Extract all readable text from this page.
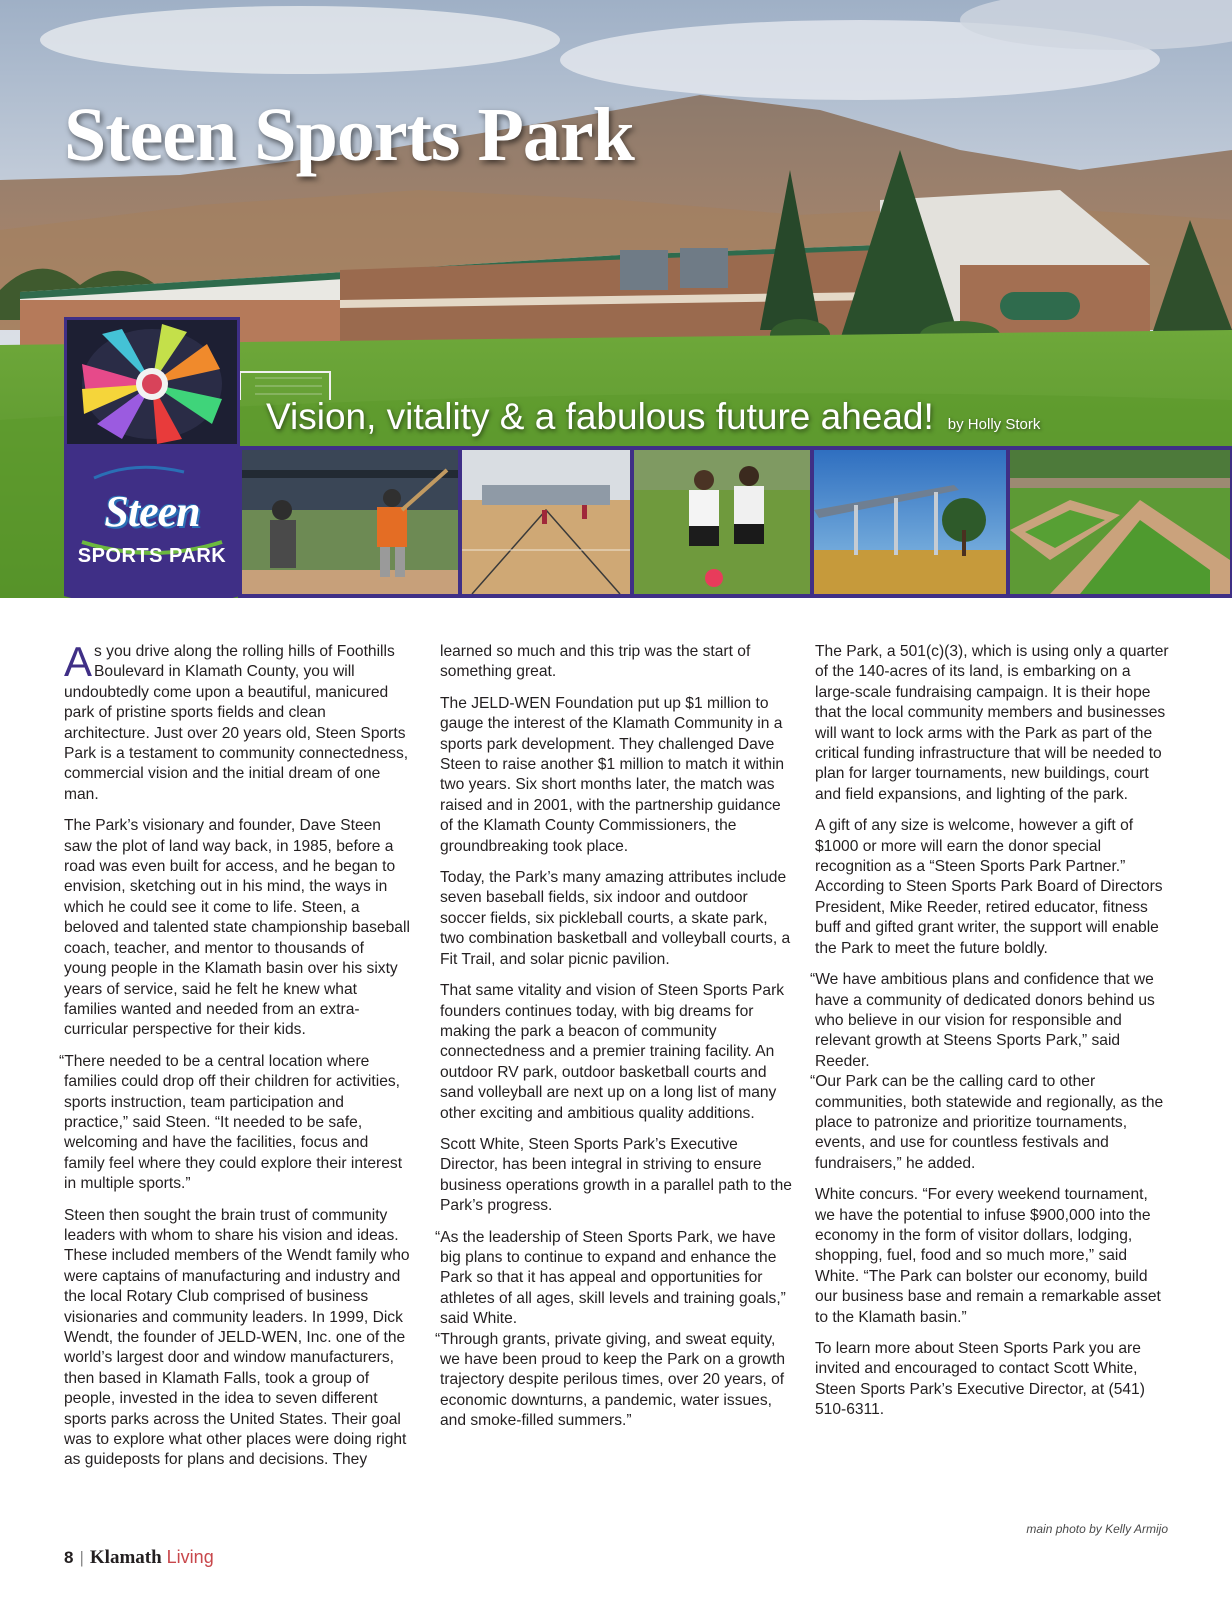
Steen Sports Park
Vision, vitality & a fabulous future ahead! by Holly Stork
Steen
SPORTS PARK

As you drive along the rolling hills of Foothills Boulevard in Klamath County, you will undoubtedly come upon a beautiful, manicured park of pristine sports fields and clean architecture. Just over 20 years old, Steen Sports Park is a testament to community connectedness, commercial vision and the initial dream of one man.

The Park’s visionary and founder, Dave Steen saw the plot of land way back, in 1985, before a road was even built for access, and he began to envision, sketching out in his mind, the ways in which he could see it come to life. Steen, a beloved and talented state championship baseball coach, teacher, and mentor to thousands of young people in the Klamath basin over his sixty years of service, said he felt he knew what families wanted and needed from an extra-curricular perspective for their kids.

“There needed to be a central location where families could drop off their children for activities, sports instruction, team participation and practice,” said Steen. “It needed to be safe, welcoming and have the facilities, focus and family feel where they could explore their interest in multiple sports.”

Steen then sought the brain trust of community leaders with whom to share his vision and ideas. These included members of the Wendt family who were captains of manufacturing and industry and the local Rotary Club comprised of business visionaries and community leaders. In 1999, Dick Wendt, the founder of JELD-WEN, Inc. one of the world’s largest door and window manufacturers, then based in Klamath Falls, took a group of people, invested in the idea to seven different sports parks across the United States. Their goal was to explore what other places were doing right as guideposts for plans and decisions. They

learned so much and this trip was the start of something great.

The JELD-WEN Foundation put up $1 million to gauge the interest of the Klamath Community in a sports park development. They challenged Dave Steen to raise another $1 million to match it within two years. Six short months later, the match was raised and in 2001, with the partnership guidance of the Klamath County Commissioners, the groundbreaking took place.

Today, the Park’s many amazing attributes include seven baseball fields, six indoor and outdoor soccer fields, six pickleball courts, a skate park, two combination basketball and volleyball courts, a Fit Trail, and solar picnic pavilion.

That same vitality and vision of Steen Sports Park founders continues today, with big dreams for making the park a beacon of community connectedness and a premier training facility. An outdoor RV park, outdoor basketball courts and sand volleyball are next up on a long list of many other exciting and ambitious quality additions.

Scott White, Steen Sports Park’s Executive Director, has been integral in striving to ensure business operations growth in a parallel path to the Park’s progress.

“As the leadership of Steen Sports Park, we have big plans to continue to expand and enhance the Park so that it has appeal and opportunities for athletes of all ages, skill levels and training goals,” said White.

“Through grants, private giving, and sweat equity, we have been proud to keep the Park on a growth trajectory despite perilous times, over 20 years, of economic downturns, a pandemic, water issues, and smoke-filled summers.”

The Park, a 501(c)(3), which is using only a quarter of the 140-acres of its land, is embarking on a large-scale fundraising campaign. It is their hope that the local community members and businesses will want to lock arms with the Park as part of the critical funding infrastructure that will be needed to plan for larger tournaments, new buildings, court and field expansions, and lighting of the park.

A gift of any size is welcome, however a gift of $1000 or more will earn the donor special recognition as a “Steen Sports Park Partner.” According to Steen Sports Park Board of Directors President, Mike Reeder, retired educator, fitness buff and gifted grant writer, the support will enable the Park to meet the future boldly.

“We have ambitious plans and confidence that we have a community of dedicated donors behind us who believe in our vision for responsible and relevant growth at Steens Sports Park,” said Reeder.

“Our Park can be the calling card to other communities, both statewide and regionally, as the place to patronize and prioritize tournaments, events, and use for countless festivals and fundraisers,” he added.

White concurs. “For every weekend tournament, we have the potential to infuse $900,000 into the economy in the form of visitor dollars, lodging, shopping, fuel, food and so much more,” said White. “The Park can bolster our economy, build our business base and remain a remarkable asset to the Klamath basin.”

To learn more about Steen Sports Park you are invited and encouraged to contact Scott White, Steen Sports Park’s Executive Director, at (541) 510-6311.

main photo by Kelly Armijo
8 | Klamath Living
